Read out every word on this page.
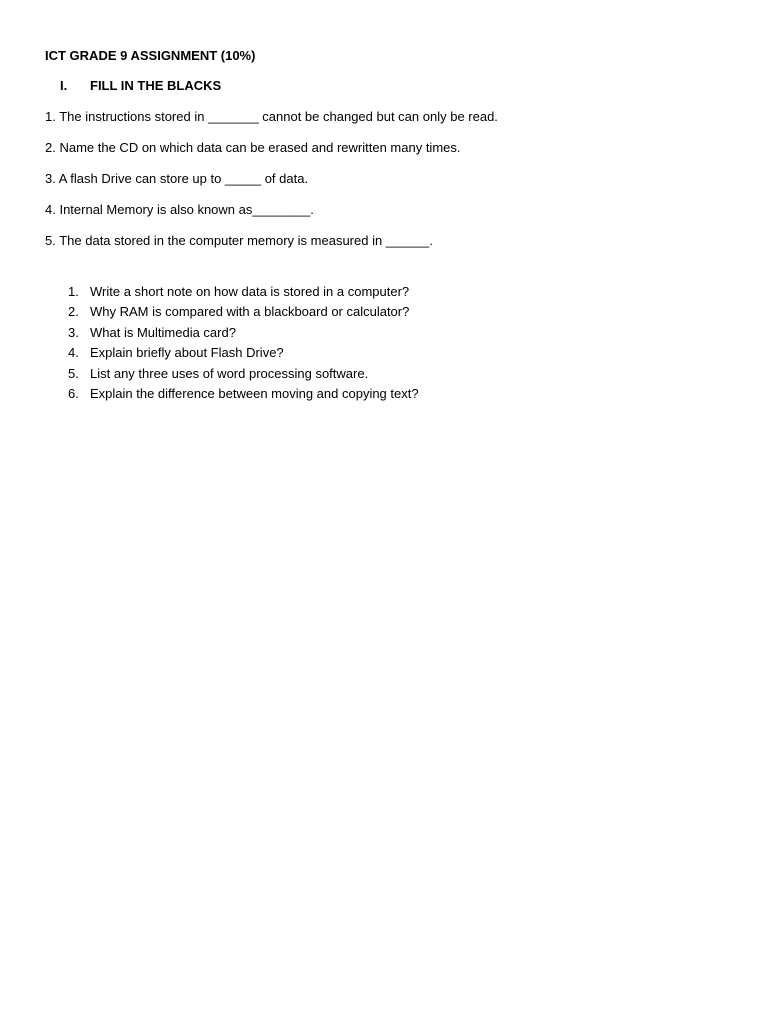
ICT GRADE 9 ASSIGNMENT (10%)
I. FILL IN THE BLACKS
1. The instructions stored in _______ cannot be changed but can only be read.
2. Name the CD on which data can be erased and rewritten many times.
3. A flash Drive can store up to _____ of data.
4. Internal Memory is also known as________.
5. The data stored in the computer memory is measured in ______.
1. Write a short note on how data is stored in a computer?
2. Why RAM is compared with a blackboard or calculator?
3. What is Multimedia card?
4. Explain briefly about Flash Drive?
5. List any three uses of word processing software.
6. Explain the difference between moving and copying text?
